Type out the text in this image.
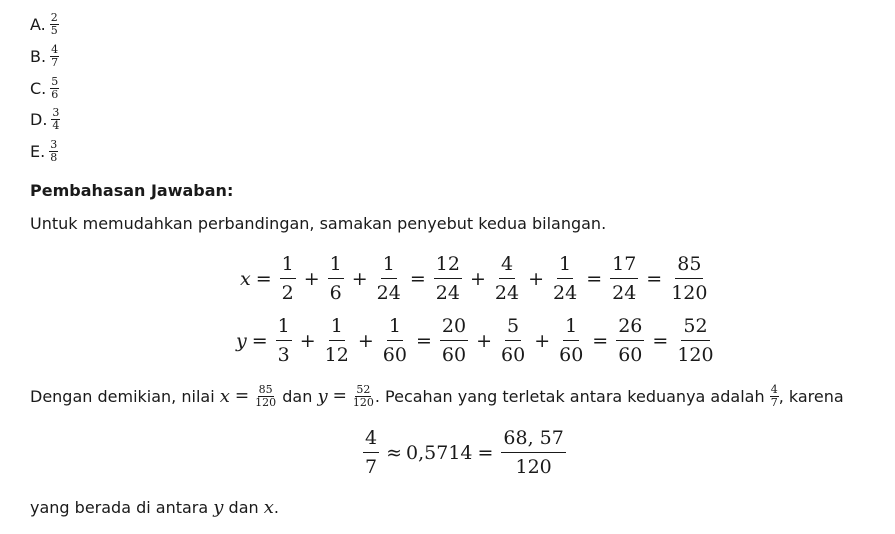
A. $\frac{2}{5}$
B. $\frac{4}{7}$
C. $\frac{5}{6}$
D. $\frac{3}{4}$
E. $\frac{3}{8}$
Pembahasan Jawaban:
Untuk memudahkan perbandingan, samakan penyebut kedua bilangan.
$x = \frac{1}{2} + \frac{1}{6} + \frac{1}{24} = \frac{12}{24} + \frac{4}{24} + \frac{1}{24} = \frac{17}{24} = \frac{85}{120}$
$y = \frac{1}{3} + \frac{1}{12} + \frac{1}{60} = \frac{20}{60} + \frac{5}{60} + \frac{1}{60} = \frac{26}{60} = \frac{52}{120}$
Dengan demikian, nilai
$x = \frac{85}{120}$
dan
$y = \frac{52}{120}$ . Pecahan yang terletak antara keduanya adalah
$\frac{4}{7}$ , karena
$\frac{4}{7} \approx 0,5714 = \frac{68, 57}{120}$
yang berada di antara
y
dan
x .
